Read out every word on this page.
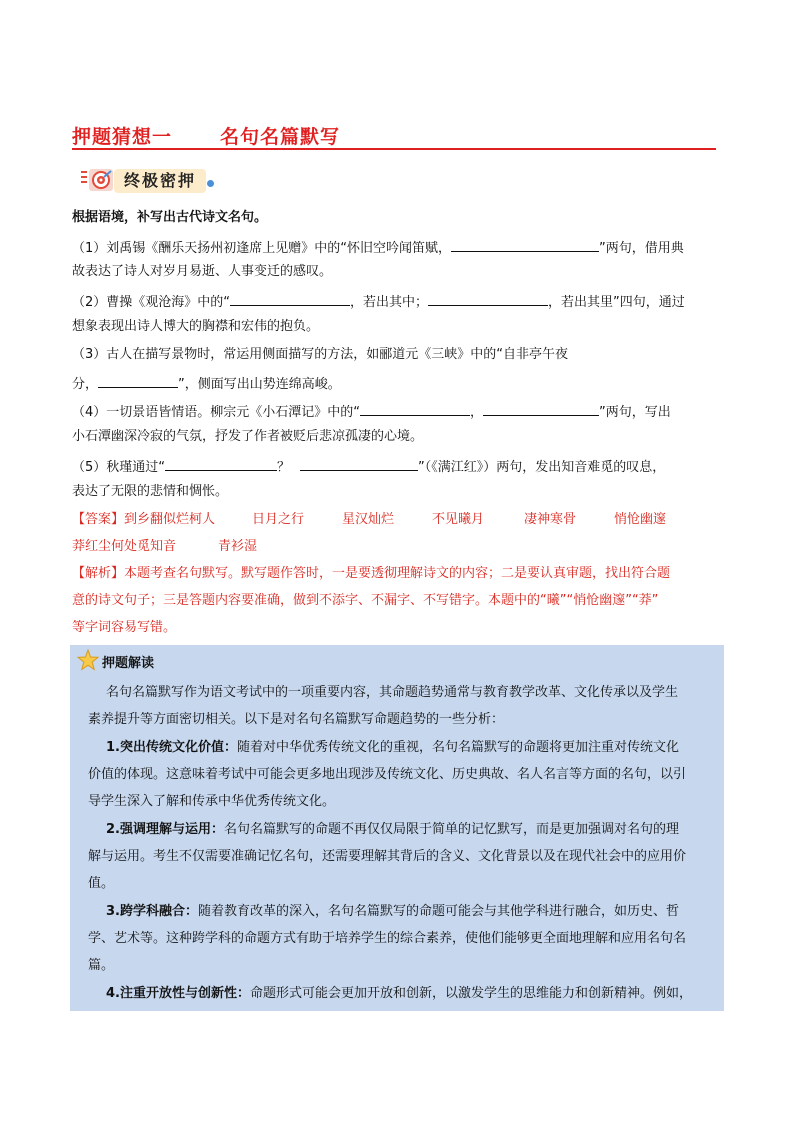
押题猜想一	名句名篇默写
终极密押
根据语境，补写出古代诗文名句。
（1）刘禹锡《酬乐天扬州初逢席上见赠》中的“怀旧空吟闻笛赋，	”两句，借用典
故表达了诗人对岁月易逝、人事变迁的感叹。
（2）曹操《观沧海》中的“	，若出其中；	，若出其里”四句，通过
想象表现出诗人博大的胸襟和宏伟的抱负。
（3）古人在描写景物时，常运用侧面描写的方法，如郦道元《三峡》中的“自非亭午夜
分，	”，侧面写出山势连绵高峻。
（4）一切景语皆情语。柳宗元《小石潭记》中的“	，	”两句，写出
小石潭幽深冷寂的气氛，抒发了作者被贬后悲凉孤凄的心境。
（5）秋瑾通过“	？	”（《满江红》）两句，发出知音难觅的叹息，
表达了无限的悲情和惆怅。
【答案】到乡翻似烂柯人	日月之行	星汉灿烂	不见曦月	凄神寒骨	悄怆幽邃
莽红尘何处觅知音	青衫湿
【解析】本题考查名句默写。默写题作答时，一是要透彻理解诗文的内容；二是要认真审题，找出符合题
意的诗文句子；三是答题内容要准确，做到不添字、不漏字、不写错字。本题中的“曦”“悄怆幽邃”“莽”
等字词容易写错。
押题解读
名句名篇默写作为语文考试中的一项重要内容，其命题趋势通常与教育教学改革、文化传承以及学生
素养提升等方面密切相关。以下是对名句名篇默写命题趋势的一些分析：
1.突出传统文化价值：随着对中华优秀传统文化的重视，名句名篇默写的命题将更加注重对传统文化
价值的体现。这意味着考试中可能会更多地出现涉及传统文化、历史典故、名人名言等方面的名句，以引
导学生深入了解和传承中华优秀传统文化。
2.强调理解与运用：名句名篇默写的命题不再仅仅局限于简单的记忆默写，而是更加强调对名句的理
解与运用。考生不仅需要准确记忆名句，还需要理解其背后的含义、文化背景以及在现代社会中的应用价
值。
3.跨学科融合：随着教育改革的深入，名句名篇默写的命题可能会与其他学科进行融合，如历史、哲
学、艺术等。这种跨学科的命题方式有助于培养学生的综合素养，使他们能够更全面地理解和应用名句名
篇。
4.注重开放性与创新性：命题形式可能会更加开放和创新，以激发学生的思维能力和创新精神。例如，
